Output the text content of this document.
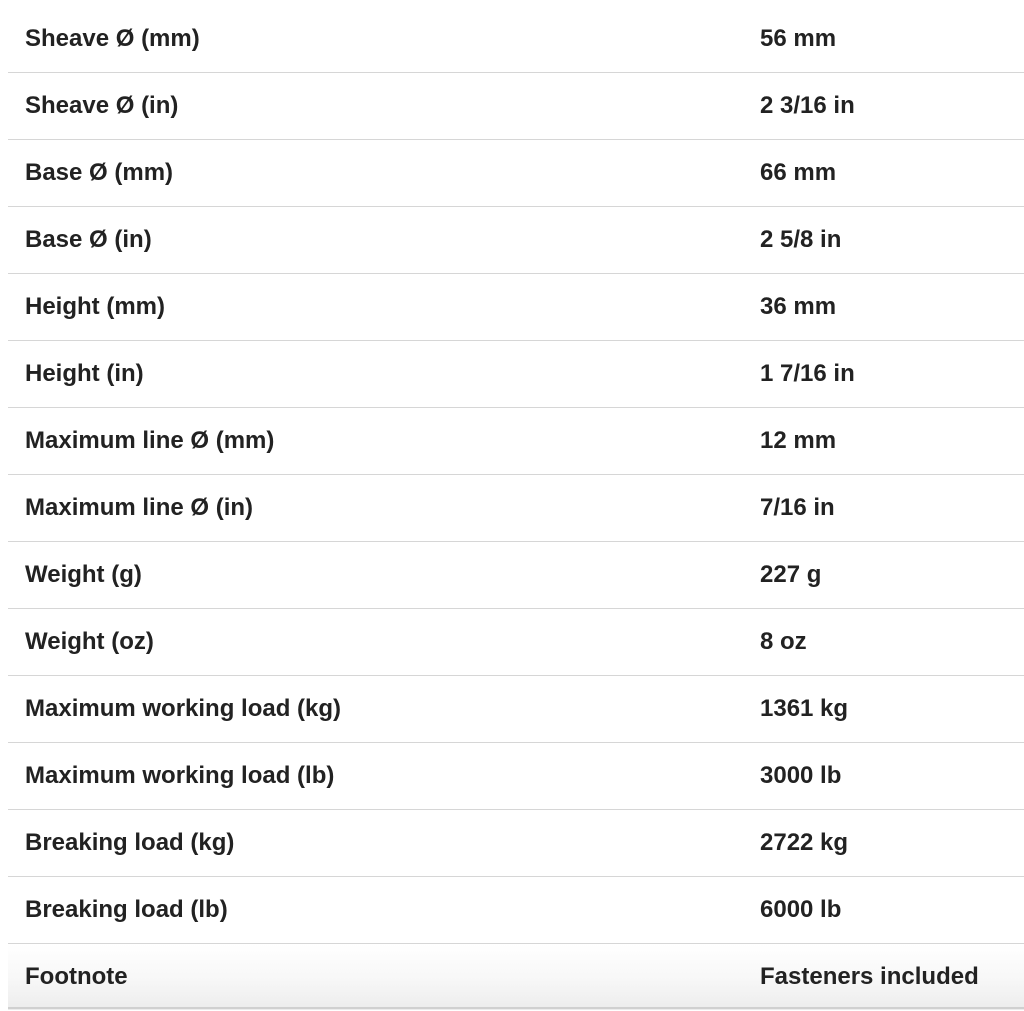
Sheave Ø (mm)	56 mm
Sheave Ø (in)	2 3/16 in
Base Ø (mm)	66 mm
Base Ø (in)	2 5/8 in
Height (mm)	36 mm
Height (in)	1 7/16 in
Maximum line Ø (mm)	12 mm
Maximum line Ø (in)	7/16 in
Weight (g)	227 g
Weight (oz)	8 oz
Maximum working load (kg)	1361 kg
Maximum working load (lb)	3000 lb
Breaking load (kg)	2722 kg
Breaking load (lb)	6000 lb
Footnote	Fasteners included
